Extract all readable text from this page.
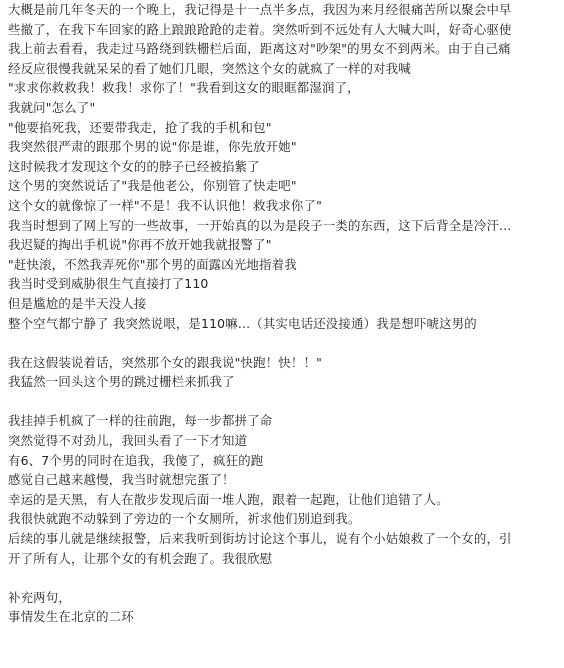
大概是前几年冬天的一个晚上，我记得是十一点半多点，我因为来月经很痛苦所以聚会中早
些撤了，在我下车回家的路上踉踉跄跄的走着。突然听到不远处有人大喊大叫，好奇心驱使
我上前去看看，我走过马路绕到铁栅栏后面，距离这对"吵架"的男女不到两米。由于自己痛
经反应很慢我就呆呆的看了她们几眼，突然这个女的就疯了一样的对我喊
"求求你救救我！救我！求你了！"我看到这女的眼眶都湿润了，
我就问"怎么了"
"他要掐死我，还要带我走，抢了我的手机和包"
我突然很严肃的跟那个男的说"你是谁，你先放开她"
这时候我才发现这个女的的脖子已经被掐紫了
这个男的突然说话了"我是他老公，你别管了快走吧"
这个女的就像惊了一样"不是！我不认识他！救我求你了"
我当时想到了网上写的一些故事，一开始真的以为是段子一类的东西，这下后背全是冷汗...
我迟疑的掏出手机说"你再不放开她我就报警了"
"赶快滚，不然我弄死你"那个男的面露凶光地指着我
我当时受到威胁很生气直接打了110
但是尴尬的是半天没人接
整个空气都宁静了 我突然说哏，是110嘛...（其实电话还没接通）我是想吓唬这男的
我在这假装说着话，突然那个女的跟我说"快跑！快！！"
我猛然一回头这个男的跳过栅栏来抓我了
我挂掉手机疯了一样的往前跑，每一步都拼了命
突然觉得不对劲儿，我回头看了一下才知道
有6、7个男的同时在追我，我傻了，疯狂的跑
感觉自己越来越慢，我当时就想完蛋了！
幸运的是天黑，有人在散步发现后面一堆人跑，跟着一起跑，让他们追错了人。
我很快就跑不动躲到了旁边的一个女厕所，祈求他们别追到我。
后续的事儿就是继续报警，后来我听到街坊讨论这个事儿，说有个小姑娘救了一个女的，引
开了所有人，让那个女的有机会跑了。我很欣慰
补充两句，
事情发生在北京的二环
